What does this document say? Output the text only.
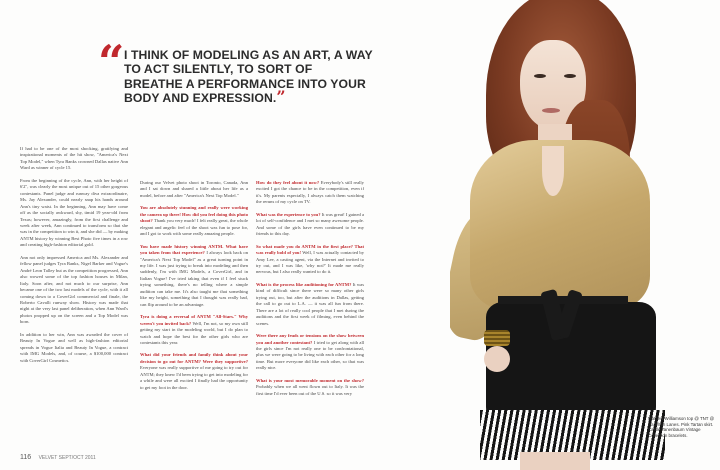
“ I THINK OF MODELING AS AN ART, A WAY TO ACT SILENTLY, TO SORT OF BREATHE A PERFORMANCE INTO YOUR BODY AND EXPRESSION.”

If had to be one of the most shocking, gratifying and inspirational moments of the hit show, "America's Next Top Model," when Tyra Banks crowned Dallas native Ann Ward as winner of cycle 15.

From the beginning of the cycle, Ann, with her height of 6'2", was clearly the most unique out of 15 other gorgeous contestants. Panel judge and runway diva extraordinaire, Ms. Jay Alexander, could nearly snap his hands around Ann's tiny waist. In the beginning, Ann may have come off as the socially awkward, shy, timid 19 year-old from Texas; however, amazingly, from the first challenge and week after week, Ann continued to transform so that she was in the competition to win it, and she did — by making ANTM history by winning Best Photo five times in a row and creating high-fashion editorial gold.

Ann not only impressed America and Ms. Alexander and fellow panel judges Tyra Banks, Nigel Barker and Vogue's André Leon Talley but as the competition progressed, Ann also wowed some of the top fashion houses in Milan, Italy. Soon after, and not much to our surprise, Ann became one of the two last models of the cycle, with it all coming down to a CoverGirl commercial and finale, the Roberto Cavalli runway show. History was made that night at the very last panel deliberation, when Ann Ward's photos propped up on the screen and a Top Model was born.

In addition to her win, Ann was awarded the cover of Beauty In Vogue and well as high-fashion editorial spreads in Vogue Italia and Beauty In Vogue, a contract with IMG Models, and, of course, a $100,000 contract with CoverGirl Cosmetics.

During our Velvet photo shoot in Toronto, Canada, Ann and I sat down and shared a little about her life as a model, before and after "America's Next Top Model."

You are absolutely stunning and really were working the camera up there! How did you feel doing this photo shoot? Thank you very much! I felt really great, the whole elegant and angelic feel of the shoot was fun to pose for, and I got to work with some really amazing people.

You have made history winning ANTM. What have you taken from that experience? I always look back on "America's Next Top Model" as a great turning point in my life. I was just trying to break into modeling and then suddenly, I'm with IMG Models, a CoverGirl, and in Italian Vogue! I've tried taking that even if I feel stuck trying something, there's no telling where a simple audition can take me. It's also taught me that something like my height, something that I thought was really bad, can flip around to be an advantage.

Tyra is doing a reversal of ANTM "All-Stars." Why weren't you invited back? Well, I'm not, so my own still getting my start in the modeling world, but I do plan to watch and hope the best for the other girls who are contestants this year.

What did your friends and family think about your decision to go out for ANTM? Were they supportive? Everyone was really supportive of me going to try out for ANTM; they knew I'd been trying to get into modeling for a while and were all excited I finally had the opportunity to get my foot in the door.

How do they feel about it now? Everybody's still really excited I got the chance to be in the competition, even if it's. My parents especially, I always catch them watching the reruns of my cycle on TV.

What was the experience to you? It was great! I gained a lot of self-confidence and I met so many awesome people. And some of the girls have even continued to be my friends to this day.

So what made you do ANTM in the first place? That was really bold of you! Well, I was actually contacted by Amy Lee, a casting agent, via the Internet and invited to try out, and I was like, 'why not?' It made me really nervous, but I also really wanted to do it.

What is the process like auditioning for ANTM? It was kind of difficult since there were so many other girls trying out, too, but after the auditions in Dallas, getting the call to go out to L.A. — it was all fun from there. There are a lot of really cool people that I met during the auditions and the first week of filming, even behind the scenes.

Were there any feuds or tensions on the show between you and another contestant? I tried to get along with all the girls since I'm not really one to be confrontational, plus we were going to be living with each other for a long time. But more everyone did like each other, so that was really nice.

What is your most memorable moment on the show? Probably when we all went flown out to Italy. It was the first time I'd ever been out of the U.S. so it was very

Mathew Williamson top @ TNT @ Hazelton Lanes. Pink Tartan skirt. Castle Tanenbaum Vintage Collection bracelets.
116 VELVET SEPT/OCT 2011
